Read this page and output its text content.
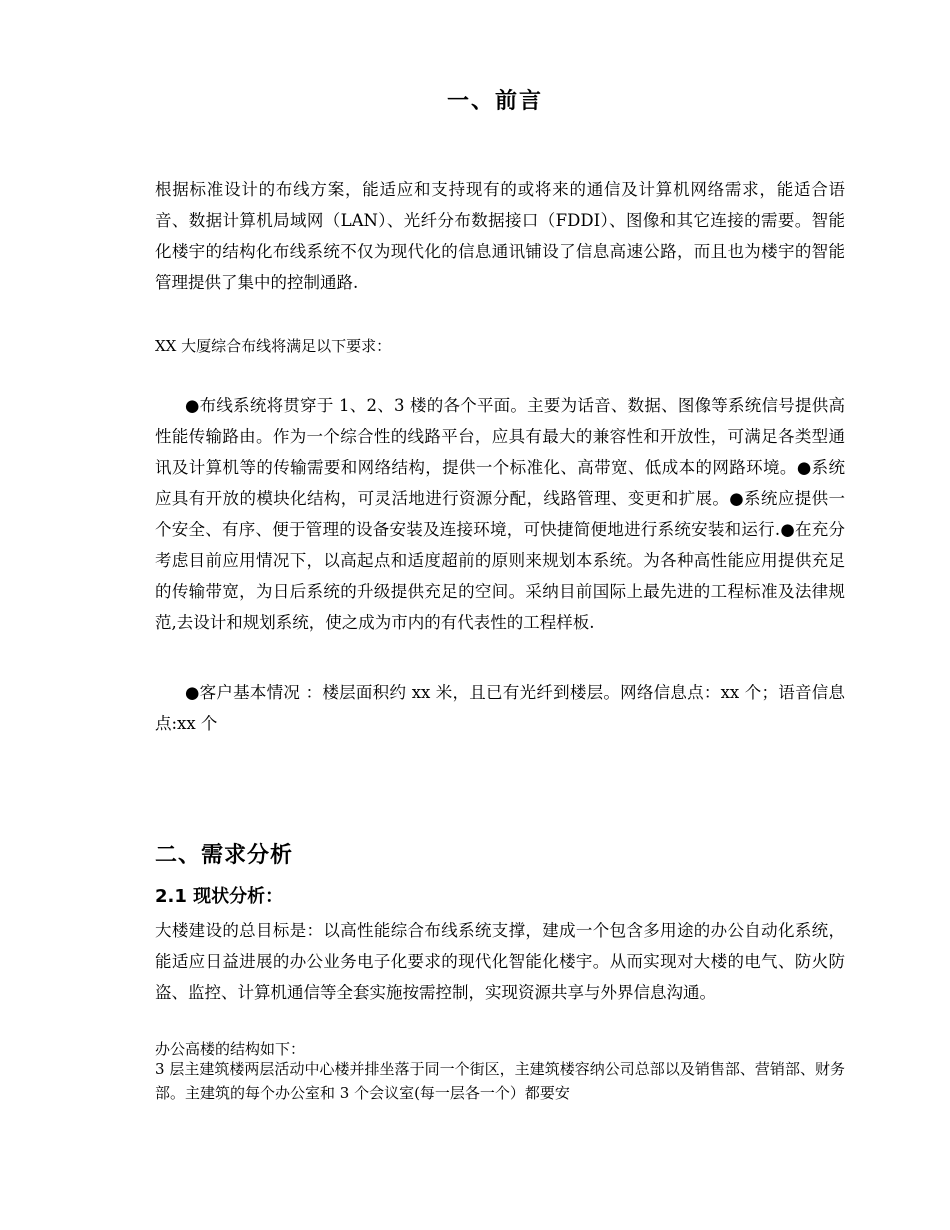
一、前言

根据标准设计的布线方案，能适应和支持现有的或将来的通信及计算机网络需求，能适合语音、数据计算机局域网（LAN）、光纤分布数据接口（FDDI）、图像和其它连接的需要。智能化楼宇的结构化布线系统不仅为现代化的信息通讯铺设了信息高速公路，而且也为楼宇的智能管理提供了集中的控制通路.

XX 大厦综合布线将满足以下要求：

●布线系统将贯穿于 1、2、3 楼的各个平面。主要为话音、数据、图像等系统信号提供高性能传输路由。作为一个综合性的线路平台，应具有最大的兼容性和开放性，可满足各类型通讯及计算机等的传输需要和网络结构，提供一个标准化、高带宽、低成本的网路环境。●系统应具有开放的模块化结构，可灵活地进行资源分配，线路管理、变更和扩展。●系统应提供一个安全、有序、便于管理的设备安装及连接环境，可快捷简便地进行系统安装和运行.●在充分考虑目前应用情况下，以高起点和适度超前的原则来规划本系统。为各种高性能应用提供充足的传输带宽，为日后系统的升级提供充足的空间。采纳目前国际上最先进的工程标准及法律规范,去设计和规划系统，使之成为市内的有代表性的工程样板.

●客户基本情况 ：楼层面积约 xx 米，且已有光纤到楼层。网络信息点：xx 个；语音信息点:xx 个

二、需求分析
2.1 现状分析：

大楼建设的总目标是：以高性能综合布线系统支撑，建成一个包含多用途的办公自动化系统，能适应日益进展的办公业务电子化要求的现代化智能化楼宇。从而实现对大楼的电气、防火防盗、监控、计算机通信等全套实施按需控制，实现资源共享与外界信息沟通。

办公高楼的结构如下：

3 层主建筑楼两层活动中心楼并排坐落于同一个街区，主建筑楼容纳公司总部以及销售部、营销部、财务部。主建筑的每个办公室和 3 个会议室(每一层各一个）都要安
